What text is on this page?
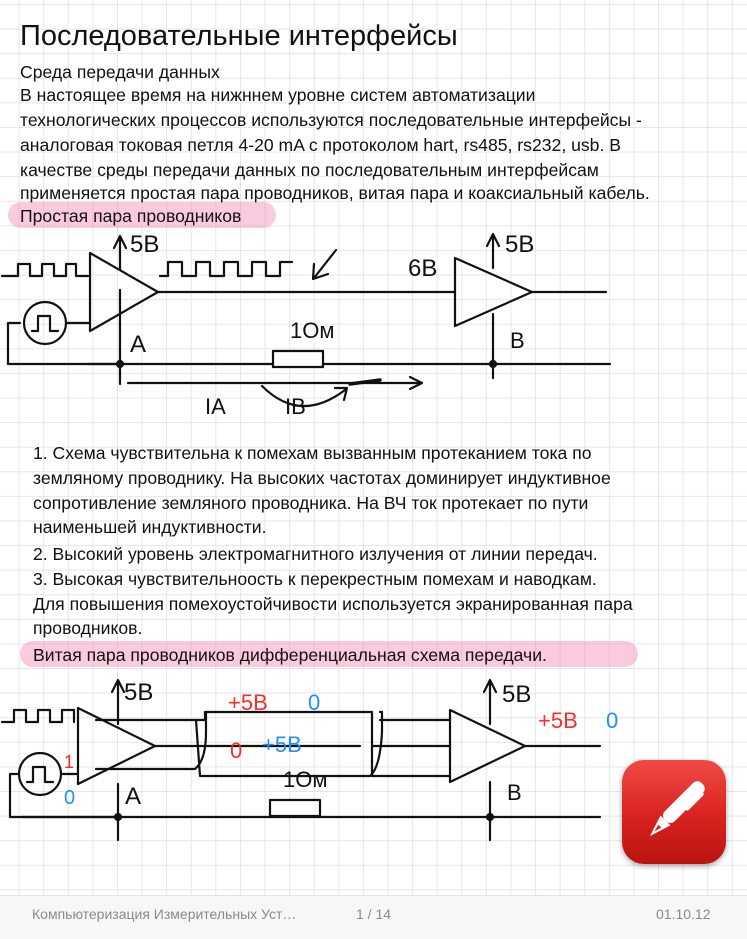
Последовательные интерфейсы
Среда передачи данных
В настоящее время на нижннем уровне систем автоматизации
технологических процессов используются последовательные интерфейсы -
аналоговая токовая петля 4-20 mA с протоколом hart, rs485, rs232, usb. В
качестве среды передачи данных по последовательным интерфейсам
применяется простая пара проводников, витая пара и коаксиальный кабель.
Простая пара проводников
5B
A
1Ом
5B
6B
B
IA	IB
1. Схема чувствительна к помехам вызванным протеканием тока по
земляному проводнику. На высоких частотах доминирует индуктивное
сопротивление земляного проводника. На ВЧ ток протекает по пути
наименьшей индуктивности.
2. Высокий уровень электромагнитного излучения от линии передач.
3. Высокая чувствительноость к перекрестным помехам и наводкам.
Для повышения помехоустойчивости используется экранированная пара
проводников.
Витая пара проводников дифференциальная схема передачи.
5B
A
1Ом
5B
B
+5B 0
0 +5B
+5B 0
1
0
Компьютеризация Измерительных Уст…	1 / 14	01.10.12
